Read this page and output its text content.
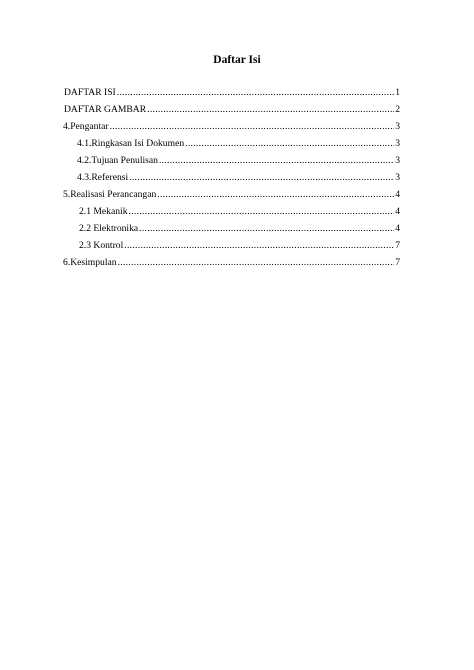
Daftar Isi
DAFTAR ISI .....	1
DAFTAR GAMBAR .....	2
4. Pengantar .....	3
4.1.Ringkasan Isi Dokumen .....	3
4.2.Tujuan Penulisan .....	3
4.3.Referensi .....	3
5. Realisasi Perancangan .....	4
2.1 Mekanik .....	4
2.2 Elektronika .....	4
2.3 Kontrol .....	7
6. Kesimpulan .....	7
